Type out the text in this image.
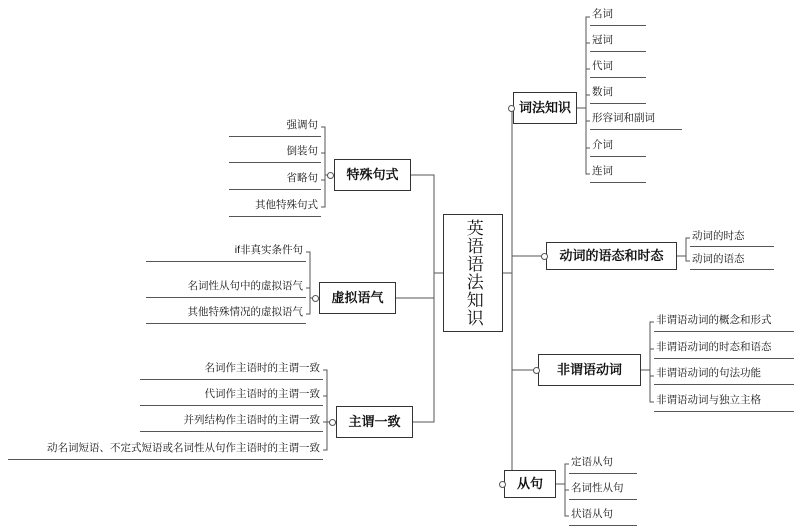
英语语法知识
词法知识
名词
冠词
代词
数词
形容词和副词
介词
连词
动词的语态和时态
动词的时态
动词的语态
非谓语动词
非谓语动词的概念和形式
非谓语动词的时态和语态
非谓语动词的句法功能
非谓语动词与独立主格
从句
定语从句
名词性从句
状语从句
特殊句式
强调句
倒装句
省略句
其他特殊句式
虚拟语气
if非真实条件句
名词性从句中的虚拟语气
其他特殊情况的虚拟语气
主谓一致
名词作主语时的主谓一致
代词作主语时的主谓一致
并列结构作主语时的主谓一致
动名词短语、不定式短语或名词性从句作主语时的主谓一致
